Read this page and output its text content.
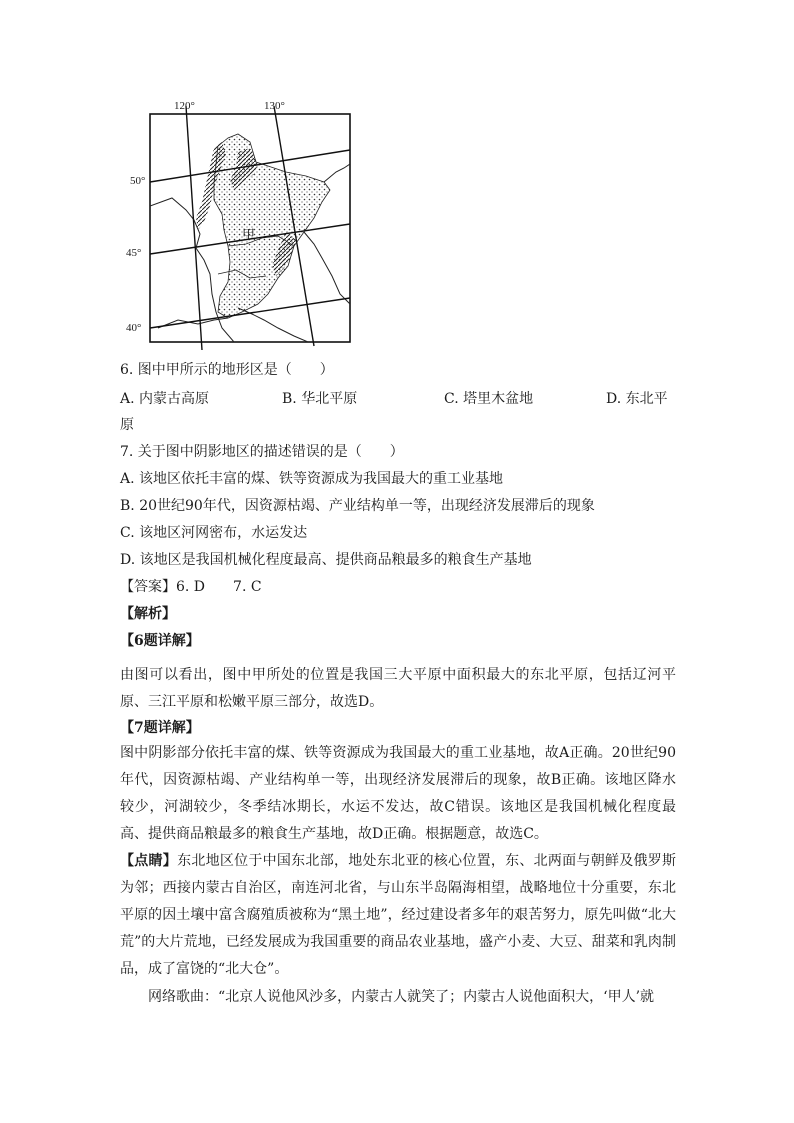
120°	130°
50°
45°
40°
甲
6. 图中甲所示的地形区是（　　）
A. 内蒙古高原	B. 华北平原	C. 塔里木盆地	D. 东北平
原
7. 关于图中阴影地区的描述错误的是（　　）
A. 该地区依托丰富的煤、铁等资源成为我国最大的重工业基地
B. 20世纪90年代，因资源枯竭、产业结构单一等，出现经济发展滞后的现象
C. 该地区河网密布，水运发达
D. 该地区是我国机械化程度最高、提供商品粮最多的粮食生产基地
【答案】6. D　　7. C
【解析】
【6题详解】
由图可以看出，图中甲所处的位置是我国三大平原中面积最大的东北平原，包括辽河平原、三江平原和松嫩平原三部分，故选D。
【7题详解】
图中阴影部分依托丰富的煤、铁等资源成为我国最大的重工业基地，故A正确。20世纪90年代，因资源枯竭、产业结构单一等，出现经济发展滞后的现象，故B正确。该地区降水较少，河湖较少，冬季结冰期长，水运不发达，故C错误。该地区是我国机械化程度最高、提供商品粮最多的粮食生产基地，故D正确。根据题意，故选C。
【点睛】东北地区位于中国东北部，地处东北亚的核心位置，东、北两面与朝鲜及俄罗斯为邻；西接内蒙古自治区，南连河北省，与山东半岛隔海相望，战略地位十分重要，东北平原的因土壤中富含腐殖质被称为“黑土地”，经过建设者多年的艰苦努力，原先叫做“北大荒”的大片荒地，已经发展成为我国重要的商品农业基地，盛产小麦、大豆、甜菜和乳肉制品，成了富饶的“北大仓”。
网络歌曲：“北京人说他风沙多，内蒙古人就笑了；内蒙古人说他面积大，‘甲人’就
